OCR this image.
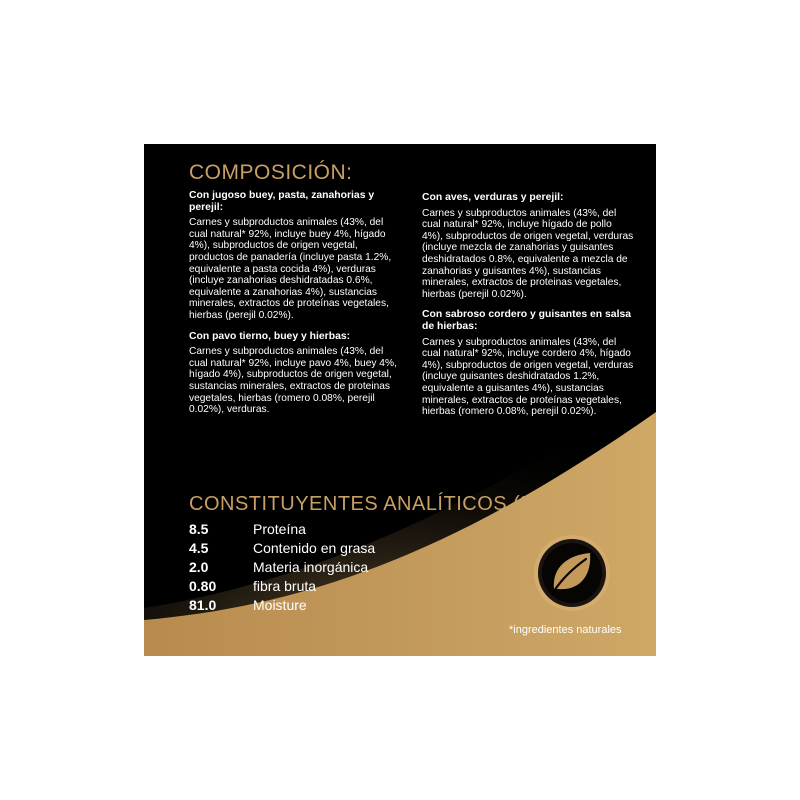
COMPOSICIÓN:

Con jugoso buey, pasta, zanahorias y perejil:

Carnes y subproductos animales (43%, del cual natural* 92%, incluye buey 4%, hígado 4%), subproductos de origen vegetal, productos de panadería (incluye pasta 1.2%, equivalente a pasta cocida 4%), verduras (incluye zanahorias deshidratadas 0.6%, equivalente a zanahorias 4%), sustancias minerales, extractos de proteínas vegetales, hierbas (perejil 0.02%).

Con pavo tierno, buey y hierbas:

Carnes y subproductos animales (43%, del cual natural* 92%, incluye pavo 4%, buey 4%, hígado 4%), subproductos de origen vegetal, sustancias minerales, extractos de proteinas vegetales, hierbas (romero 0.08%, perejil 0.02%), verduras.

Con aves, verduras y perejil:

Carnes y subproductos animales (43%, del cual natural* 92%, incluye hígado de pollo 4%), subproductos de origen vegetal, verduras (incluye mezcla de zanahorias y guisantes deshidratados 0.8%, equivalente a mezcla de zanahorias y guisantes 4%), sustancias minerales, extractos de proteinas vegetales, hierbas (perejil 0.02%).

Con sabroso cordero y guisantes en salsa de hierbas:

Carnes y subproductos animales (43%, del cual natural* 92%, incluye cordero 4%, hígado 4%), subproductos de origen vegetal, verduras (incluye guisantes deshidratados 1.2%, equivalente a guisantes 4%), sustancias minerales, extractos de proteínas vegetales, hierbas (romero 0.08%, perejil 0.02%).

CONSTITUYENTES ANALÍTICOS (%):
8.5	Proteína
4.5	Contenido en grasa
2.0	Materia inorgánica
0.80	fibra bruta
81.0	Moisture
*ingredientes naturales
